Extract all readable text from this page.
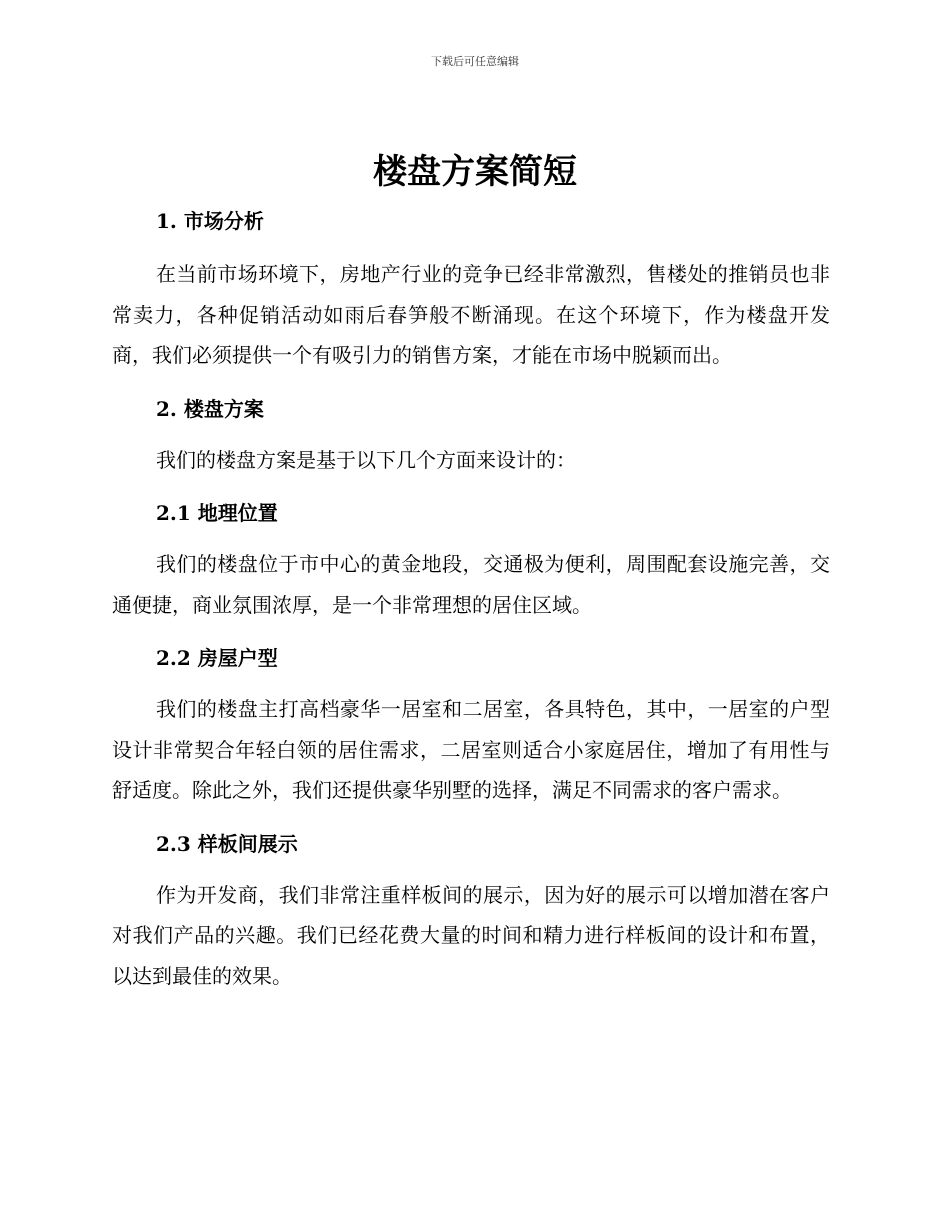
下载后可任意编辑
楼盘方案简短
1. 市场分析

在当前市场环境下，房地产行业的竞争已经非常激烈，售楼处的推销员也非常卖力，各种促销活动如雨后春笋般不断涌现。在这个环境下，作为楼盘开发商，我们必须提供一个有吸引力的销售方案，才能在市场中脱颖而出。

2. 楼盘方案

我们的楼盘方案是基于以下几个方面来设计的：

2.1 地理位置

我们的楼盘位于市中心的黄金地段，交通极为便利，周围配套设施完善，交通便捷，商业氛围浓厚，是一个非常理想的居住区域。

2.2 房屋户型

我们的楼盘主打高档豪华一居室和二居室，各具特色，其中，一居室的户型设计非常契合年轻白领的居住需求，二居室则适合小家庭居住，增加了有用性与舒适度。除此之外，我们还提供豪华别墅的选择，满足不同需求的客户需求。

2.3 样板间展示

作为开发商，我们非常注重样板间的展示，因为好的展示可以增加潜在客户对我们产品的兴趣。我们已经花费大量的时间和精力进行样板间的设计和布置，以达到最佳的效果。
